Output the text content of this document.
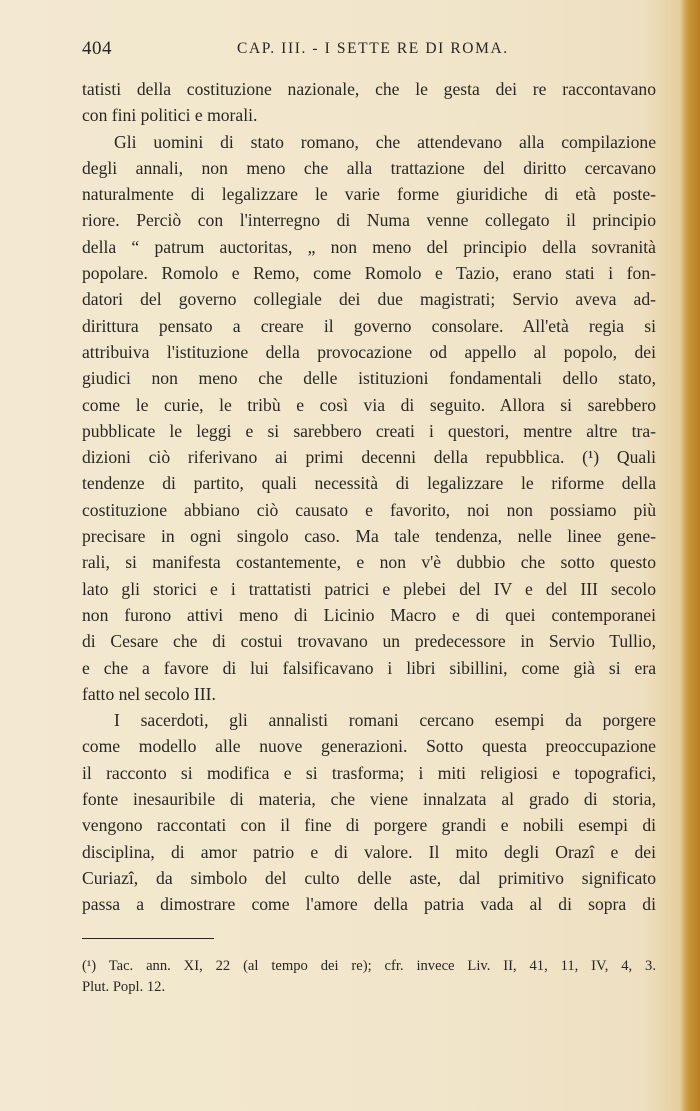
404	CAP. III. - I SETTE RE DI ROMA.
tatisti della costituzione nazionale, che le gesta dei re raccontavano
con fini politici e morali.
Gli uomini di stato romano, che attendevano alla compilazione
degli annali, non meno che alla trattazione del diritto cercavano
naturalmente di legalizzare le varie forme giuridiche di età poste-
riore. Perciò con l'interregno di Numa venne collegato il principio
della “ patrum auctoritas, „ non meno del principio della sovranità
popolare. Romolo e Remo, come Romolo e Tazio, erano stati i fon-
datori del governo collegiale dei due magistrati; Servio aveva ad-
dirittura pensato a creare il governo consolare. All'età regia si
attribuiva l'istituzione della provocazione od appello al popolo, dei
giudici non meno che delle istituzioni fondamentali dello stato,
come le curie, le tribù e così via di seguito. Allora si sarebbero
pubblicate le leggi e si sarebbero creati i questori, mentre altre tra-
dizioni ciò riferivano ai primi decenni della repubblica. (¹) Quali
tendenze di partito, quali necessità di legalizzare le riforme della
costituzione abbiano ciò causato e favorito, noi non possiamo più
precisare in ogni singolo caso. Ma tale tendenza, nelle linee gene-
rali, si manifesta costantemente, e non v'è dubbio che sotto questo
lato gli storici e i trattatisti patrici e plebei del IV e del III secolo
non furono attivi meno di Licinio Macro e di quei contemporanei
di Cesare che di costui trovavano un predecessore in Servio Tullio,
e che a favore di lui falsificavano i libri sibillini, come già si era
fatto nel secolo III.
I sacerdoti, gli annalisti romani cercano esempi da porgere
come modello alle nuove generazioni. Sotto questa preoccupazione
il racconto si modifica e si trasforma; i miti religiosi e topografici,
fonte inesauribile di materia, che viene innalzata al grado di storia,
vengono raccontati con il fine di porgere grandi e nobili esempi di
disciplina, di amor patrio e di valore. Il mito degli Orazî e dei
Curiazî, da simbolo del culto delle aste, dal primitivo significato
passa a dimostrare come l'amore della patria vada al di sopra di
(¹) Tac. ann. XI, 22 (al tempo dei re); cfr. invece Liv. II, 41, 11, IV, 4, 3.
Plut. Popl. 12.
